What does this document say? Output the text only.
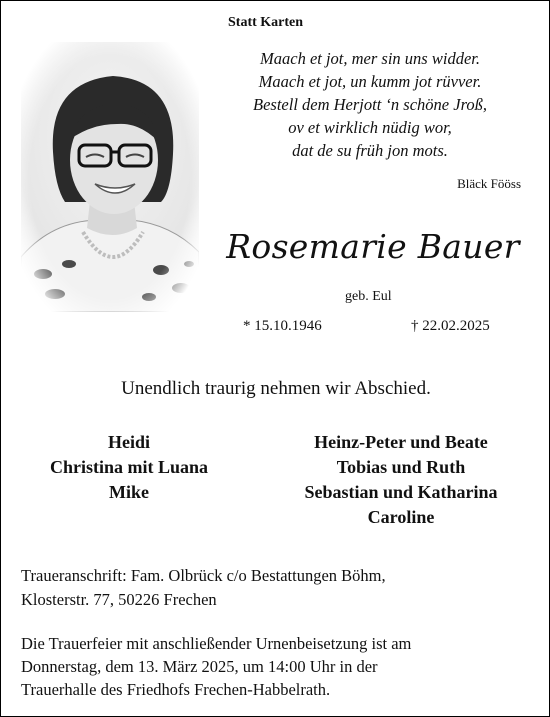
Statt Karten
Maach et jot, mer sin uns widder.
Maach et jot, un kumm jot rüvver.
Bestell dem Herjott ‘n schöne Jroß,
ov et wirklich nüdig wor,
dat de su früh jon mots.
Bläck Fööss
Rosemarie Bauer
geb. Eul
* 15.10.1946	† 22.02.2025
Unendlich traurig nehmen wir Abschied.
Heidi
Christina mit Luana
Mike
Heinz-Peter und Beate
Tobias und Ruth
Sebastian und Katharina
Caroline
Traueranschrift: Fam. Olbrück c/o Bestattungen Böhm,
Klosterstr. 77, 50226 Frechen
Die Trauerfeier mit anschließender Urnenbeisetzung ist am
Donnerstag, dem 13. März 2025, um 14:00 Uhr in der
Trauerhalle des Friedhofs Frechen-Habbelrath.
